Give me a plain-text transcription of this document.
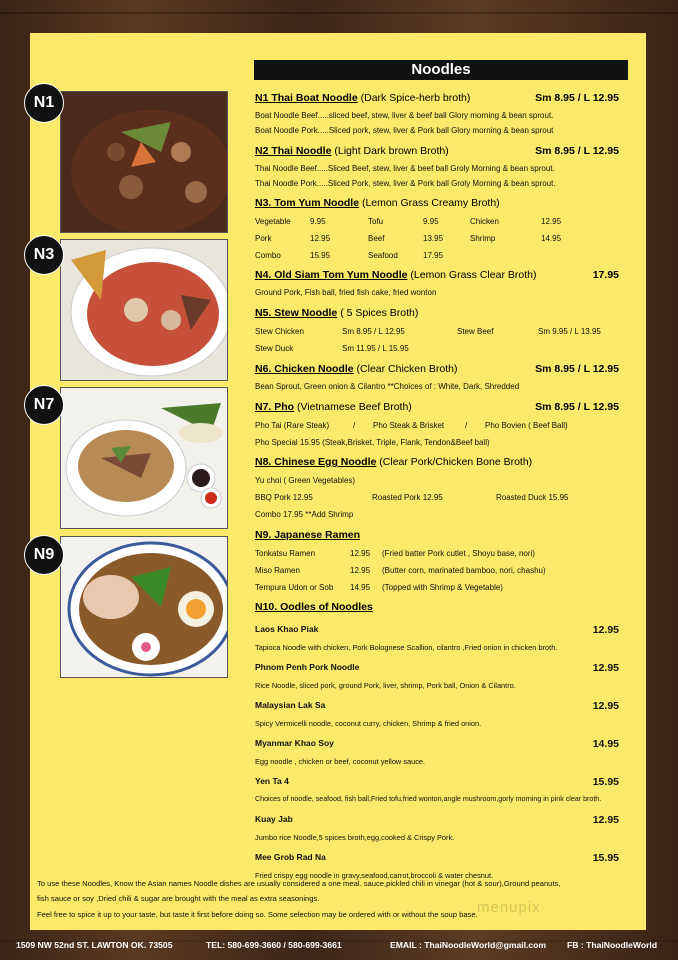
N1
N3
N7
N9
Noodles
N1 Thai Boat Noodle (Dark Spice-herb broth)	Sm 8.95 / L 12.95
Boat Noodle Beef.....sliced beef, stew, liver & beef ball Glory morning & bean sprout.
Boat Noodle Pork.....Sliced pork, stew, liver & Pork ball Glory morning & bean sprout
N2 Thai Noodle (Light Dark brown Broth)	Sm 8.95 / L 12.95
Thai Noodle Beef.....Sliced Beef, stew, liver & beef ball Groly Morning & bean sprout.
Thai Noodle Pork.....Sliced Pork, stew, liver & Pork ball Groly Morning & bean sprout.
N3. Tom Yum Noodle (Lemon Grass Creamy Broth)
Vegetable 9.95	Tofu	9.95	Chicken	12.95
Pork	12.95	Beef	13.95	Shrimp	14.95
Combo	15.95	Seafood	17.95
N4. Old Siam Tom Yum Noodle (Lemon Grass Clear Broth)	17.95
Ground Pork, Fish ball, fried fish cake, fried wonton
N5. Stew Noodle ( 5 Spices Broth)
Stew Chicken	Sm 8.95 / L 12.95	Stew Beef	Sm 9.95 / L 13.95
Stew Duck	Sm 11.95 / L 15.95
N6. Chicken Noodle (Clear Chicken Broth)	Sm 8.95 / L 12.95
Bean Sprout, Green onion & Cilantro **Choices of : White, Dark, Shredded
N7. Pho (Vietnamese Beef Broth)	Sm 8.95 / L 12.95
Pho Tai (Rare Steak)	/ Pho Steak & Brisket	/ Pho Bovien ( Beef Ball)
Pho Special 15.95 (Steak,Brisket, Triple, Flank, Tendon&Beef ball)
N8. Chinese Egg Noodle (Clear Pork/Chicken Bone Broth)
Yu choi ( Green Vegetables)
BBQ Pork 12.95	Roasted Pork 12.95	Roasted Duck 15.95
Combo 17.95 **Add Shrimp
N9. Japanese Ramen
Tonkatsu Ramen	12.95 (Fried batter Pork cutlet , Shoyu base, nori)
Miso Ramen	12.95 (Butter corn, marinated bamboo, nori, chashu)
Tempura Udon or Sob 14.95 (Topped with Shrimp & Vegetable)
N10. Oodles of Noodles
Laos Khao Piak	12.95
Tapioca Noodle with chicken, Pork Bolognese Scallion, cilantro ,Fried onion in chicken broth.
Phnom Penh Pork Noodle	12.95
Rice Noodle, sliced pork, ground Pork, liver, shrimp, Pork ball, Onion & Cilantro.
Malaysian Lak Sa	12.95
Spicy Vermicelli noodle, coconut curry, chicken, Shrimp & fried onion.
Myanmar Khao Soy	14.95
Egg noodle , chicken or beef, coconut yellow sauce.
Yen Ta 4	15.95
Choices of noodle, seafood, fish ball,Fried tofu,fried wonton,angle mushroom,gorly morning in pink clear broth.
Kuay Jab	12.95
Jumbo rice Noodle,5 spices broth,egg,cooked & Crispy Pork.
Mee Grob Rad Na	15.95
Fried crispy egg noodle in gravy,seafood,carrot,broccoli & water chesnut.
menupix
To use these Noodles, Know the Asian names Noodle dishes are usually considered a one meal. sauce,pickled chili in vinegar (hot & sour),Ground peanuts,
fish sauce or soy ,Dried chili & sugar are brought with the meal as extra seasonings.
Feel free to spice it up to your taste, but taste it first before doing so. Some selection may be ordered with or without the soup base.
1509 NW 52nd ST. LAWTON OK. 73505	TEL: 580-699-3660 / 580-699-3661	EMAIL : ThaiNoodleWorld@gmail.com FB : ThaiNoodleWorld
